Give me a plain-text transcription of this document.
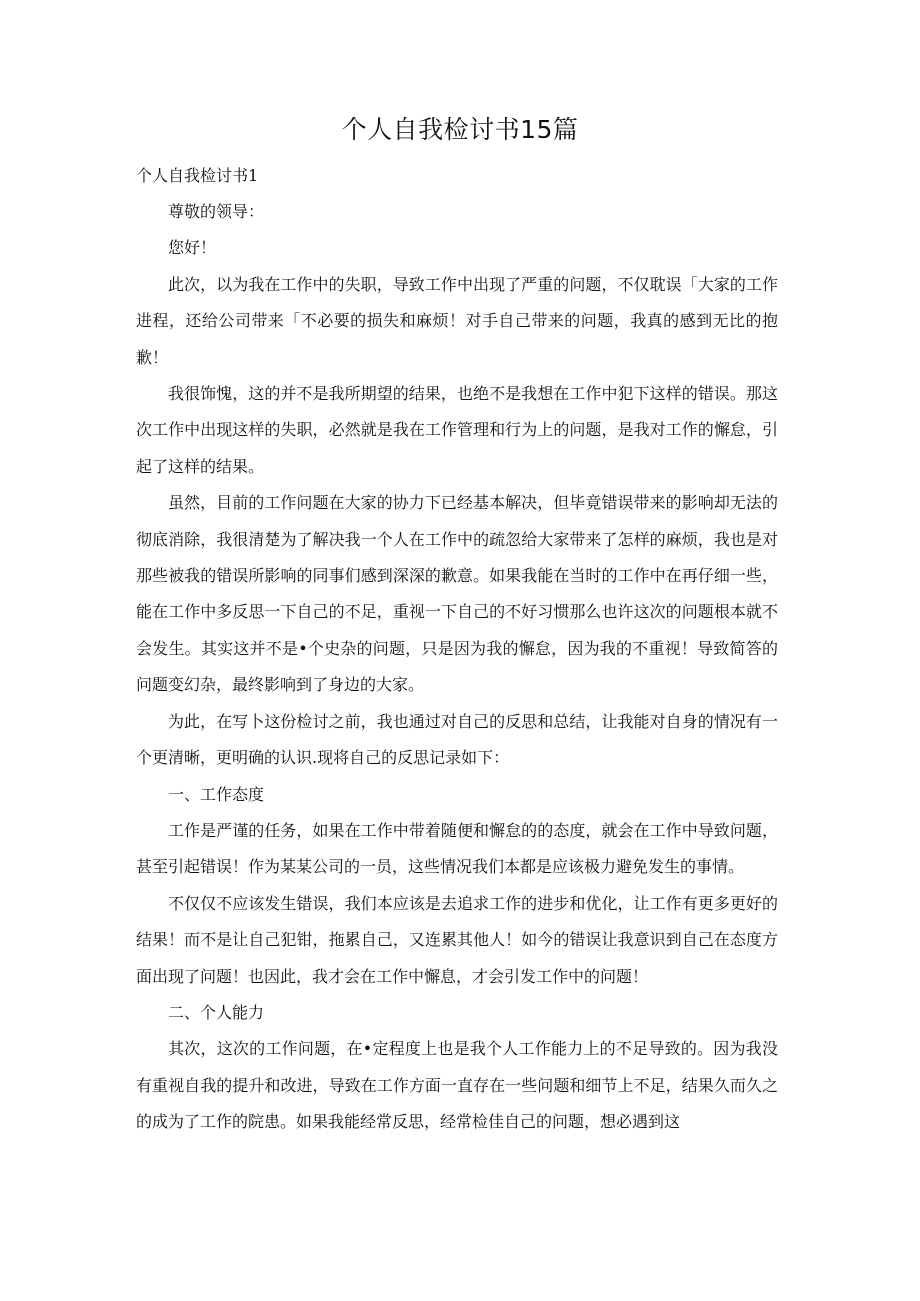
个人自我检讨书15篇
个人自我检讨书1

尊敬的领导：

您好！

此次，以为我在工作中的失职，导致工作中出现了严重的问题，不仅耽误「大家的工作进程，还给公司带来「不必要的损失和麻烦！对手自己带来的问题，我真的感到无比的抱歉！

我很饰愧，这的并不是我所期望的结果，也绝不是我想在工作中犯下这样的错误。那这次工作中出现这样的失职，必然就是我在工作管理和行为上的问题，是我对工作的懈怠，引起了这样的结果。

虽然，目前的工作问题在大家的协力下已经基本解决，但毕竟错误带来的影响却无法的彻底消除，我很清楚为了解决我一个人在工作中的疏忽给大家带来了怎样的麻烦，我也是对那些被我的错误所影响的同事们感到深深的歉意。如果我能在当时的工作中在再仔细一些，能在工作中多反思一下自己的不足，重视一下自己的不好习惯那么也许这次的问题根本就不会发生。其实这并不是•个史杂的问题，只是因为我的懈怠，因为我的不重视！导致简答的问题变幻杂，最终影响到了身边的大家。

为此，在写卜这份检讨之前，我也通过对自己的反思和总结，让我能对自身的情况有一个更清晰，更明确的认识.现将自己的反思记录如下：

一、工作态度

工作是严谨的任务，如果在工作中带着随便和懈怠的的态度，就会在工作中导致问题，甚至引起错误！作为某某公司的一员，这些情况我们本都是应该极力避免发生的事情。

不仅仅不应该发生错误，我们本应该是去追求工作的进步和优化，让工作有更多更好的结果！而不是让自己犯钳，拖累自己，又连累其他人！如今的错误让我意识到自己在态度方面出现了问题！也因此，我才会在工作中懈息，才会引发工作中的问题！

二、个人能力

其次，这次的工作问题，在•定程度上也是我个人工作能力上的不足导致的。因为我没有重视自我的提升和改进，导致在工作方面一直存在一些问题和细节上不足，结果久而久之的成为了工作的院患。如果我能经常反思，经常检佳自己的问题，想必遇到这
